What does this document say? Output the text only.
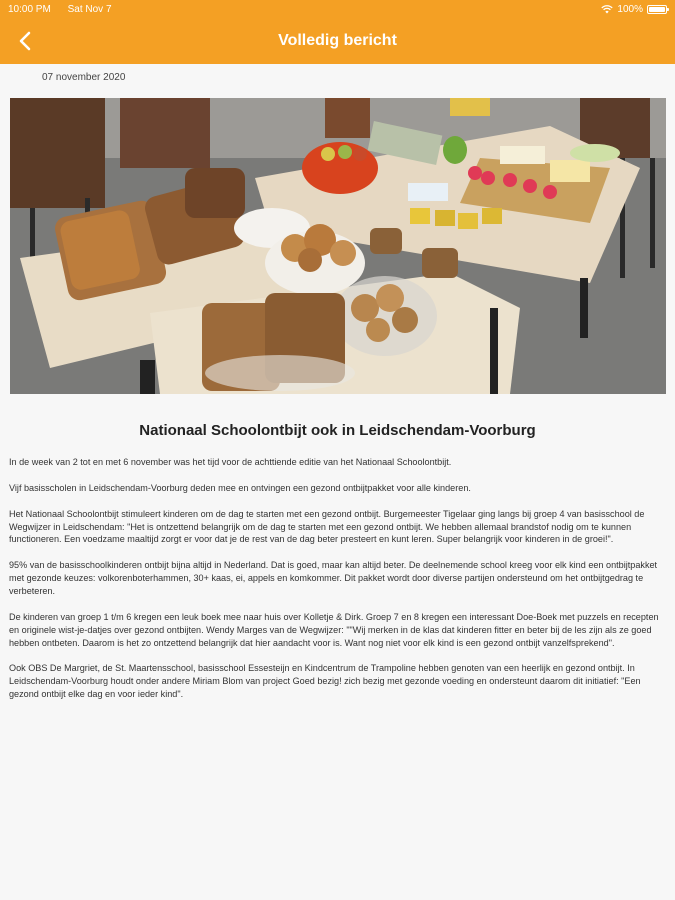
10:00 PM Sat Nov 7	100%
Volledig bericht
07 november 2020
Nationaal Schoolontbijt ook in Leidschendam-Voorburg

In de week van 2 tot en met 6 november was het tijd voor de achttiende editie van het Nationaal Schoolontbijt.

Vijf basisscholen in Leidschendam-Voorburg deden mee en ontvingen een gezond ontbijtpakket voor alle kinderen.

Het Nationaal Schoolontbijt stimuleert kinderen om de dag te starten met een gezond ontbijt. Burgemeester Tigelaar ging langs bij groep 4 van basisschool de Wegwijzer in Leidschendam: "Het is ontzettend belangrijk om de dag te starten met een gezond ontbijt. We hebben allemaal brandstof nodig om te kunnen functioneren. Een voedzame maaltijd zorgt er voor dat je de rest van de dag beter presteert en kunt leren. Super belangrijk voor kinderen in de groei!".

95% van de basisschoolkinderen ontbijt bijna altijd in Nederland. Dat is goed, maar kan altijd beter. De deelnemende school kreeg voor elk kind een ontbijtpakket met gezonde keuzes: volkorenboterhammen, 30+ kaas, ei, appels en komkommer. Dit pakket wordt door diverse partijen ondersteund om het ontbijtgedrag te verbeteren.

De kinderen van groep 1 t/m 6 kregen een leuk boek mee naar huis over Kolletje & Dirk. Groep 7 en 8 kregen een interessant Doe-Boek met puzzels en recepten en originele wist-je-datjes over gezond ontbijten. Wendy Marges van de Wegwijzer: ""Wij merken in de klas dat kinderen fitter en beter bij de les zijn als ze goed hebben ontbeten. Daarom is het zo ontzettend belangrijk dat hier aandacht voor is. Want nog niet voor elk kind is een gezond ontbijt vanzelfsprekend".

Ook OBS De Margriet, de St. Maartensschool, basisschool Essesteijn en Kindcentrum de Trampoline hebben genoten van een heerlijk en gezond ontbijt. In Leidschendam-Voorburg houdt onder andere Miriam Blom van project Goed bezig! zich bezig met gezonde voeding en ondersteunt daarom dit initiatief: "Een gezond ontbijt elke dag en voor ieder kind".
